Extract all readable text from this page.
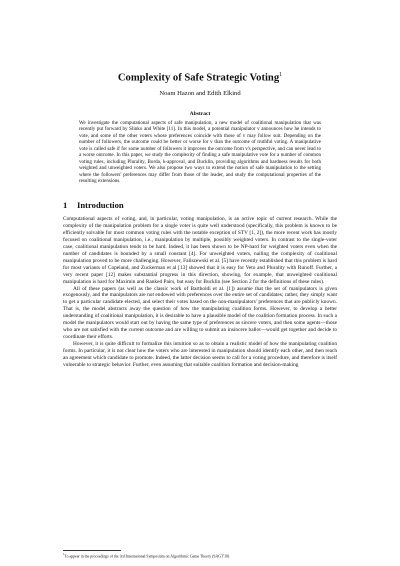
Complexity of Safe Strategic Voting$^1$
Noam Hazon and Edith Elkind
Abstract
We investigate the computational aspects of safe manipulation, a new model of coalitional manipulation that was recently put forward by Slinko and White [11]. In this model, a potential manipulator v announces how he intends to vote, and some of the other voters whose preferences coincide with those of v may follow suit. Depending on the number of followers, the outcome could be better or worse for v than the outcome of truthful voting. A manipulative vote is called safe if for some number of followers it improves the outcome from v's perspective, and can never lead to a worse outcome. In this paper, we study the complexity of finding a safe manipulative vote for a number of common voting rules, including Plurality, Borda, k-approval, and Bucklin, providing algorithms and hardness results for both weighted and unweighted voters. We also propose two ways to extend the notion of safe manipulation to the setting where the followers' preferences may differ from those of the leader, and study the computational properties of the resulting extensions.
1 Introduction

Computational aspects of voting, and, in particular, voting manipulation, is an active topic of current research. While the complexity of the manipulation problem for a single voter is quite well understood (specifically, this problem is known to be efficiently solvable for most common voting rules with the notable exception of STV [1, 2]), the more recent work has mostly focused on coalitional manipulation, i.e., manipulation by multiple, possibly weighted voters. In contrast to the single-voter case, coalitional manipulation tends to be hard. Indeed, it has been shown to be NP-hard for weighted voters even when the number of candidates is bounded by a small constant [4]. For unweighted voters, nailing the complexity of coalitional manipulation proved to be more challenging. However, Faliszewski et al. [5] have recently established that this problem is hard for most variants of Copeland, and Zuckerman et al [13] showed that it is easy for Veto and Plurality with Runoff. Further, a very recent paper [12] makes substantial progress in this direction, showing, for example, that unweighted coalitional manipulation is hard for Maximin and Ranked Pairs, but easy for Bucklin (see Section 2 for the definitions of these rules).

All of these papers (as well as the classic work of Bartholdi et al. [1]) assume that the set of manipulators is given exogenously, and the manipulators are not endowed with preferences over the entire set of candidates; rather, they simply want to get a particular candidate elected, and select their votes based on the non-manipulators' preferences that are publicly known. That is, the model abstracts away the question of how the manipulating coalition forms. However, to develop a better understanding of coalitional manipulation, it is desirable to have a plausible model of the coalition formation process. In such a model the manipulators would start out by having the same type of preferences as sincere voters, and then some agents—those who are not satisfied with the current outcome and are willing to submit an insincere ballot—would get together and decide to coordinate their efforts.

However, it is quite difficult to formalize this intuition so as to obtain a realistic model of how the manipulating coalition forms. In particular, it is not clear how the voters who are interested in manipulation should identify each other, and then reach an agreement which candidate to promote. Indeed, the latter decision seems to call for a voting procedure, and therefore is itself vulnerable to strategic behavior. Further, even assuming that suitable coalition formation and decision-making

$^1$To appear in the proceedings of the 3rd International Symposium on Algorithmic Game Theory (SAGT'10)
